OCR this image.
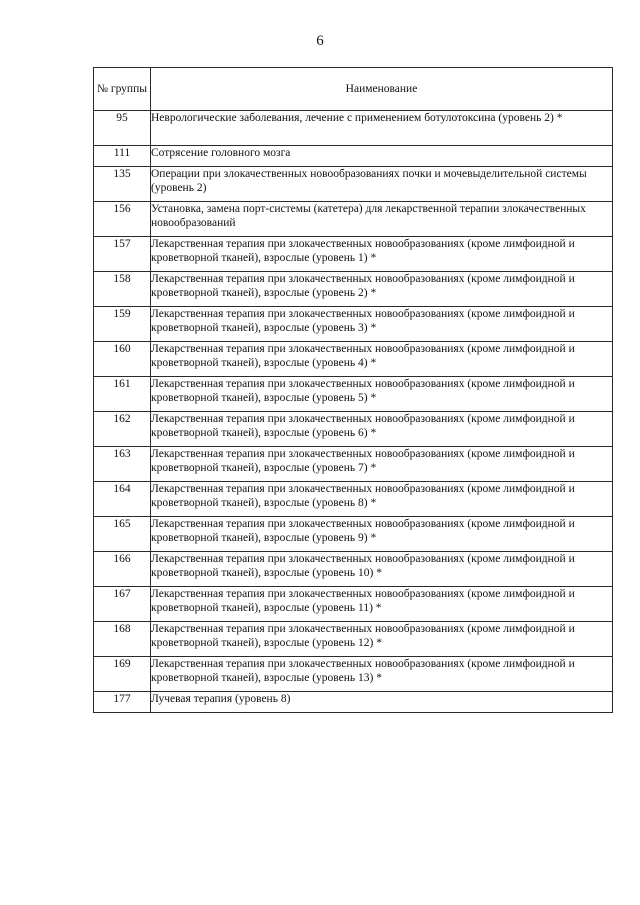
6
№ группы	Наименование
95	Неврологические заболевания, лечение с применением ботулотоксина (уровень 2) *
111	Сотрясение головного мозга
135	Операции при злокачественных новообразованиях почки и мочевыделительной системы (уровень 2)
156	Установка, замена порт-системы (катетера) для лекарственной терапии злокачественных новообразований
157	Лекарственная терапия при злокачественных новообразованиях (кроме лимфоидной и кроветворной тканей), взрослые (уровень 1) *
158	Лекарственная терапия при злокачественных новообразованиях (кроме лимфоидной и кроветворной тканей), взрослые (уровень 2) *
159	Лекарственная терапия при злокачественных новообразованиях (кроме лимфоидной и кроветворной тканей), взрослые (уровень 3) *
160	Лекарственная терапия при злокачественных новообразованиях (кроме лимфоидной и кроветворной тканей), взрослые (уровень 4) *
161	Лекарственная терапия при злокачественных новообразованиях (кроме лимфоидной и кроветворной тканей), взрослые (уровень 5) *
162	Лекарственная терапия при злокачественных новообразованиях (кроме лимфоидной и кроветворной тканей), взрослые (уровень 6) *
163	Лекарственная терапия при злокачественных новообразованиях (кроме лимфоидной и кроветворной тканей), взрослые (уровень 7) *
164	Лекарственная терапия при злокачественных новообразованиях (кроме лимфоидной и кроветворной тканей), взрослые (уровень 8) *
165	Лекарственная терапия при злокачественных новообразованиях (кроме лимфоидной и кроветворной тканей), взрослые (уровень 9) *
166	Лекарственная терапия при злокачественных новообразованиях (кроме лимфоидной и кроветворной тканей), взрослые (уровень 10) *
167	Лекарственная терапия при злокачественных новообразованиях (кроме лимфоидной и кроветворной тканей), взрослые (уровень 11) *
168	Лекарственная терапия при злокачественных новообразованиях (кроме лимфоидной и кроветворной тканей), взрослые (уровень 12) *
169	Лекарственная терапия при злокачественных новообразованиях (кроме лимфоидной и кроветворной тканей), взрослые (уровень 13) *
177	Лучевая терапия (уровень 8)
